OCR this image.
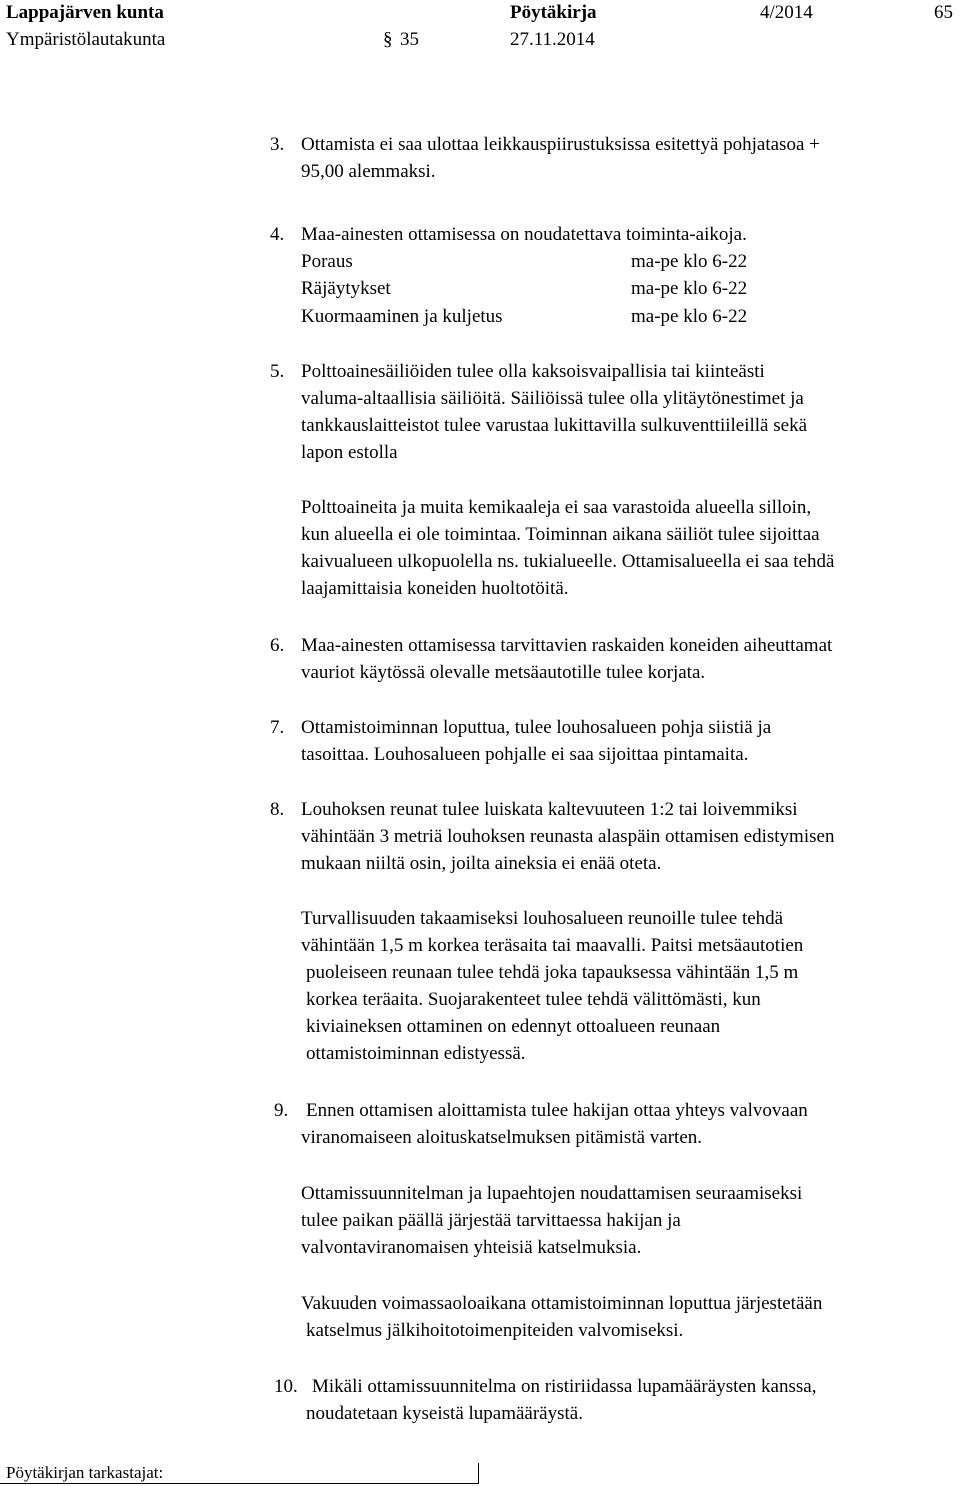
Lappajärven kunta	Pöytäkirja	4/2014	65
Ympäristölautakunta	§ 35	27.11.2014
3. Ottamista ei saa ulottaa leikkauspiirustuksissa esitettyä pohjatasoa +
95,00 alemmaksi.
4. Maa-ainesten ottamisessa on noudatettava toiminta-aikoja.
Poraus	ma-pe klo 6-22
Räjäytykset	ma-pe klo 6-22
Kuormaaminen ja kuljetus	ma-pe klo 6-22
5. Polttoainesäiliöiden tulee olla kaksoisvaipallisia tai kiinteästi
valuma-altaallisia säiliöitä. Säiliöissä tulee olla ylitäytönestimet ja
tankkauslaitteistot tulee varustaa lukittavilla sulkuventtiileillä sekä
lapon estolla
Polttoaineita ja muita kemikaaleja ei saa varastoida alueella silloin,
kun alueella ei ole toimintaa. Toiminnan aikana säiliöt tulee sijoittaa
kaivualueen ulkopuolella ns. tukialueelle. Ottamisalueella ei saa tehdä
laajamittaisia koneiden huoltotöitä.
6. Maa-ainesten ottamisessa tarvittavien raskaiden koneiden aiheuttamat
vauriot käytössä olevalle metsäautotille tulee korjata.
7. Ottamistoiminnan loputtua, tulee louhosalueen pohja siistiä ja
tasoittaa. Louhosalueen pohjalle ei saa sijoittaa pintamaita.
8. Louhoksen reunat tulee luiskata kaltevuuteen 1:2 tai loivemmiksi
vähintään 3 metriä louhoksen reunasta alaspäin ottamisen edistymisen
mukaan niiltä osin, joilta aineksia ei enää oteta.
Turvallisuuden takaamiseksi louhosalueen reunoille tulee tehdä
vähintään 1,5 m korkea teräsaita tai maavalli. Paitsi metsäautotien
puoleiseen reunaan tulee tehdä joka tapauksessa vähintään 1,5 m
korkea teräaita. Suojarakenteet tulee tehdä välittömästi, kun
kiviaineksen ottaminen on edennyt ottoalueen reunaan
ottamistoiminnan edistyessä.
9. Ennen ottamisen aloittamista tulee hakijan ottaa yhteys valvovaan
viranomaiseen aloituskatselmuksen pitämistä varten.
Ottamissuunnitelman ja lupaehtojen noudattamisen seuraamiseksi
tulee paikan päällä järjestää tarvittaessa hakijan ja
valvontaviranomaisen yhteisiä katselmuksia.
Vakuuden voimassaoloaikana ottamistoiminnan loputtua järjestetään
katselmus jälkihoitotoimenpiteiden valvomiseksi.
10. Mikäli ottamissuunnitelma on ristiriidassa lupamääräysten kanssa,
noudatetaan kyseistä lupamääräystä.
Pöytäkirjan tarkastajat:
